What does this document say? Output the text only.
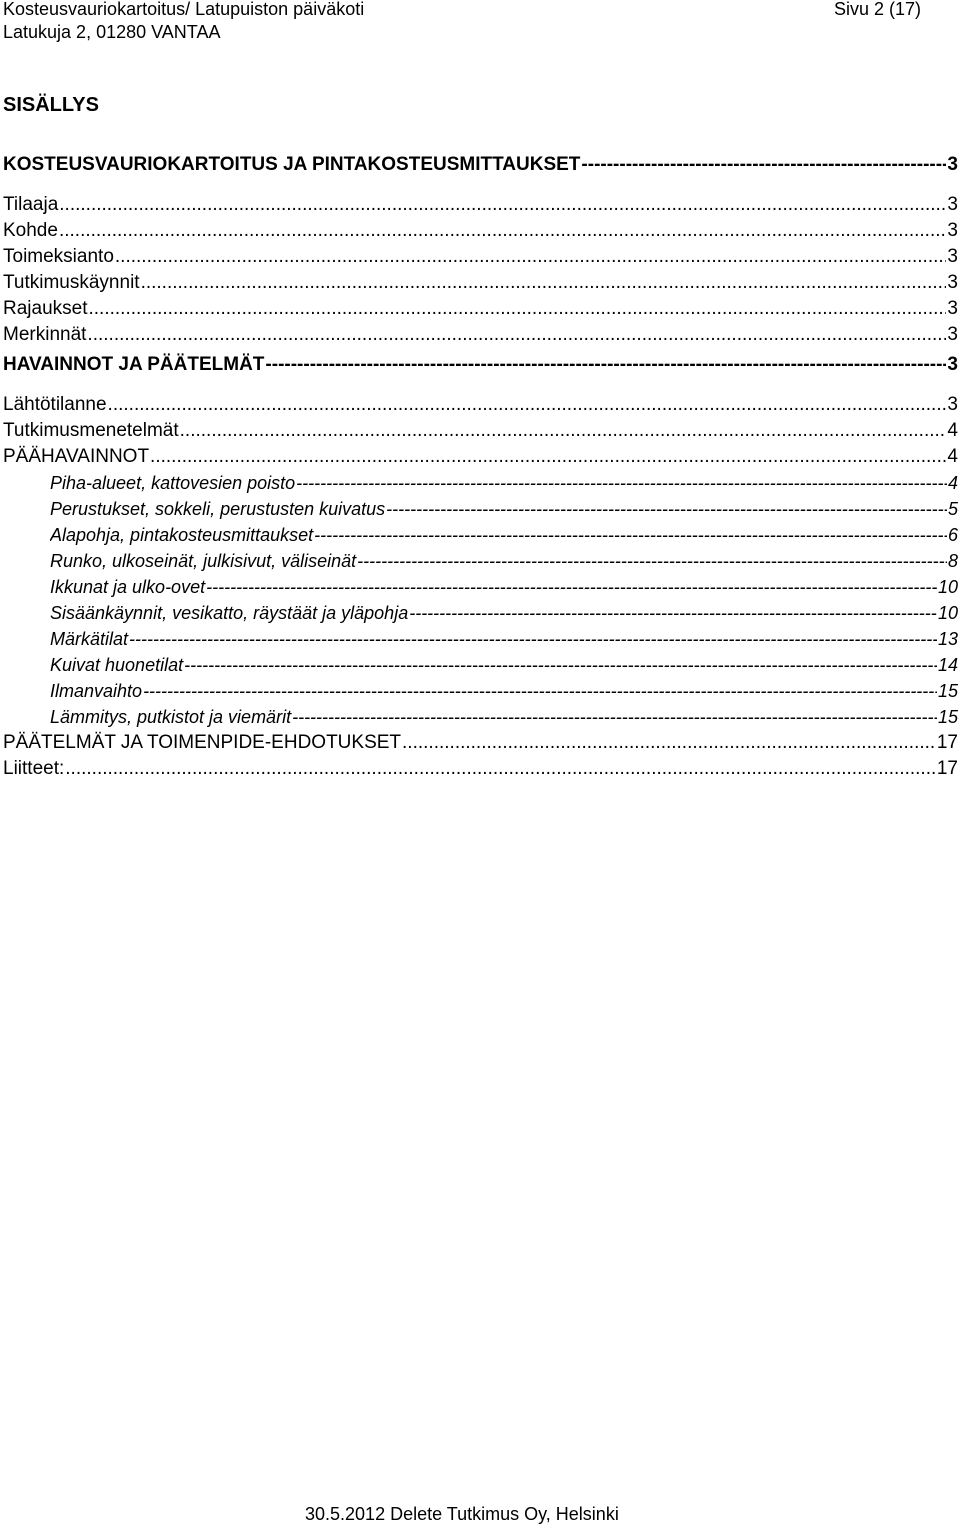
Kosteusvauriokartoitus/ Latupuiston päiväkoti
Latukuja 2, 01280 VANTAA
Sivu 2 (17)
SISÄLLYS
KOSTEUSVAURIOKARTOITUS JA PINTAKOSTEUSMITTAUKSET -----	3
Tilaaja .....	3
Kohde .....	3
Toimeksianto .....	3
Tutkimuskäynnit .....	3
Rajaukset .....	3
Merkinnät .....	3
HAVAINNOT JA PÄÄTELMÄT -----	3
Lähtötilanne .....	3
Tutkimusmenetelmät .....	4
PÄÄHAVAINNOT .....	4
Piha-alueet, kattovesien poisto -----	4
Perustukset, sokkeli, perustusten kuivatus -----	5
Alapohja, pintakosteusmittaukset -----	6
Runko, ulkoseinät, julkisivut, väliseinät -----	8
Ikkunat ja ulko-ovet -----	10
Sisäänkäynnit, vesikatto, räystäät ja yläpohja -----	10
Märkätilat -----	13
Kuivat huonetilat -----	14
Ilmanvaihto -----	15
Lämmitys, putkistot ja viemärit -----	15
PÄÄTELMÄT JA TOIMENPIDE-EHDOTUKSET .....	17
Liitteet: .....	17
30.5.2012 Delete Tutkimus Oy, Helsinki
